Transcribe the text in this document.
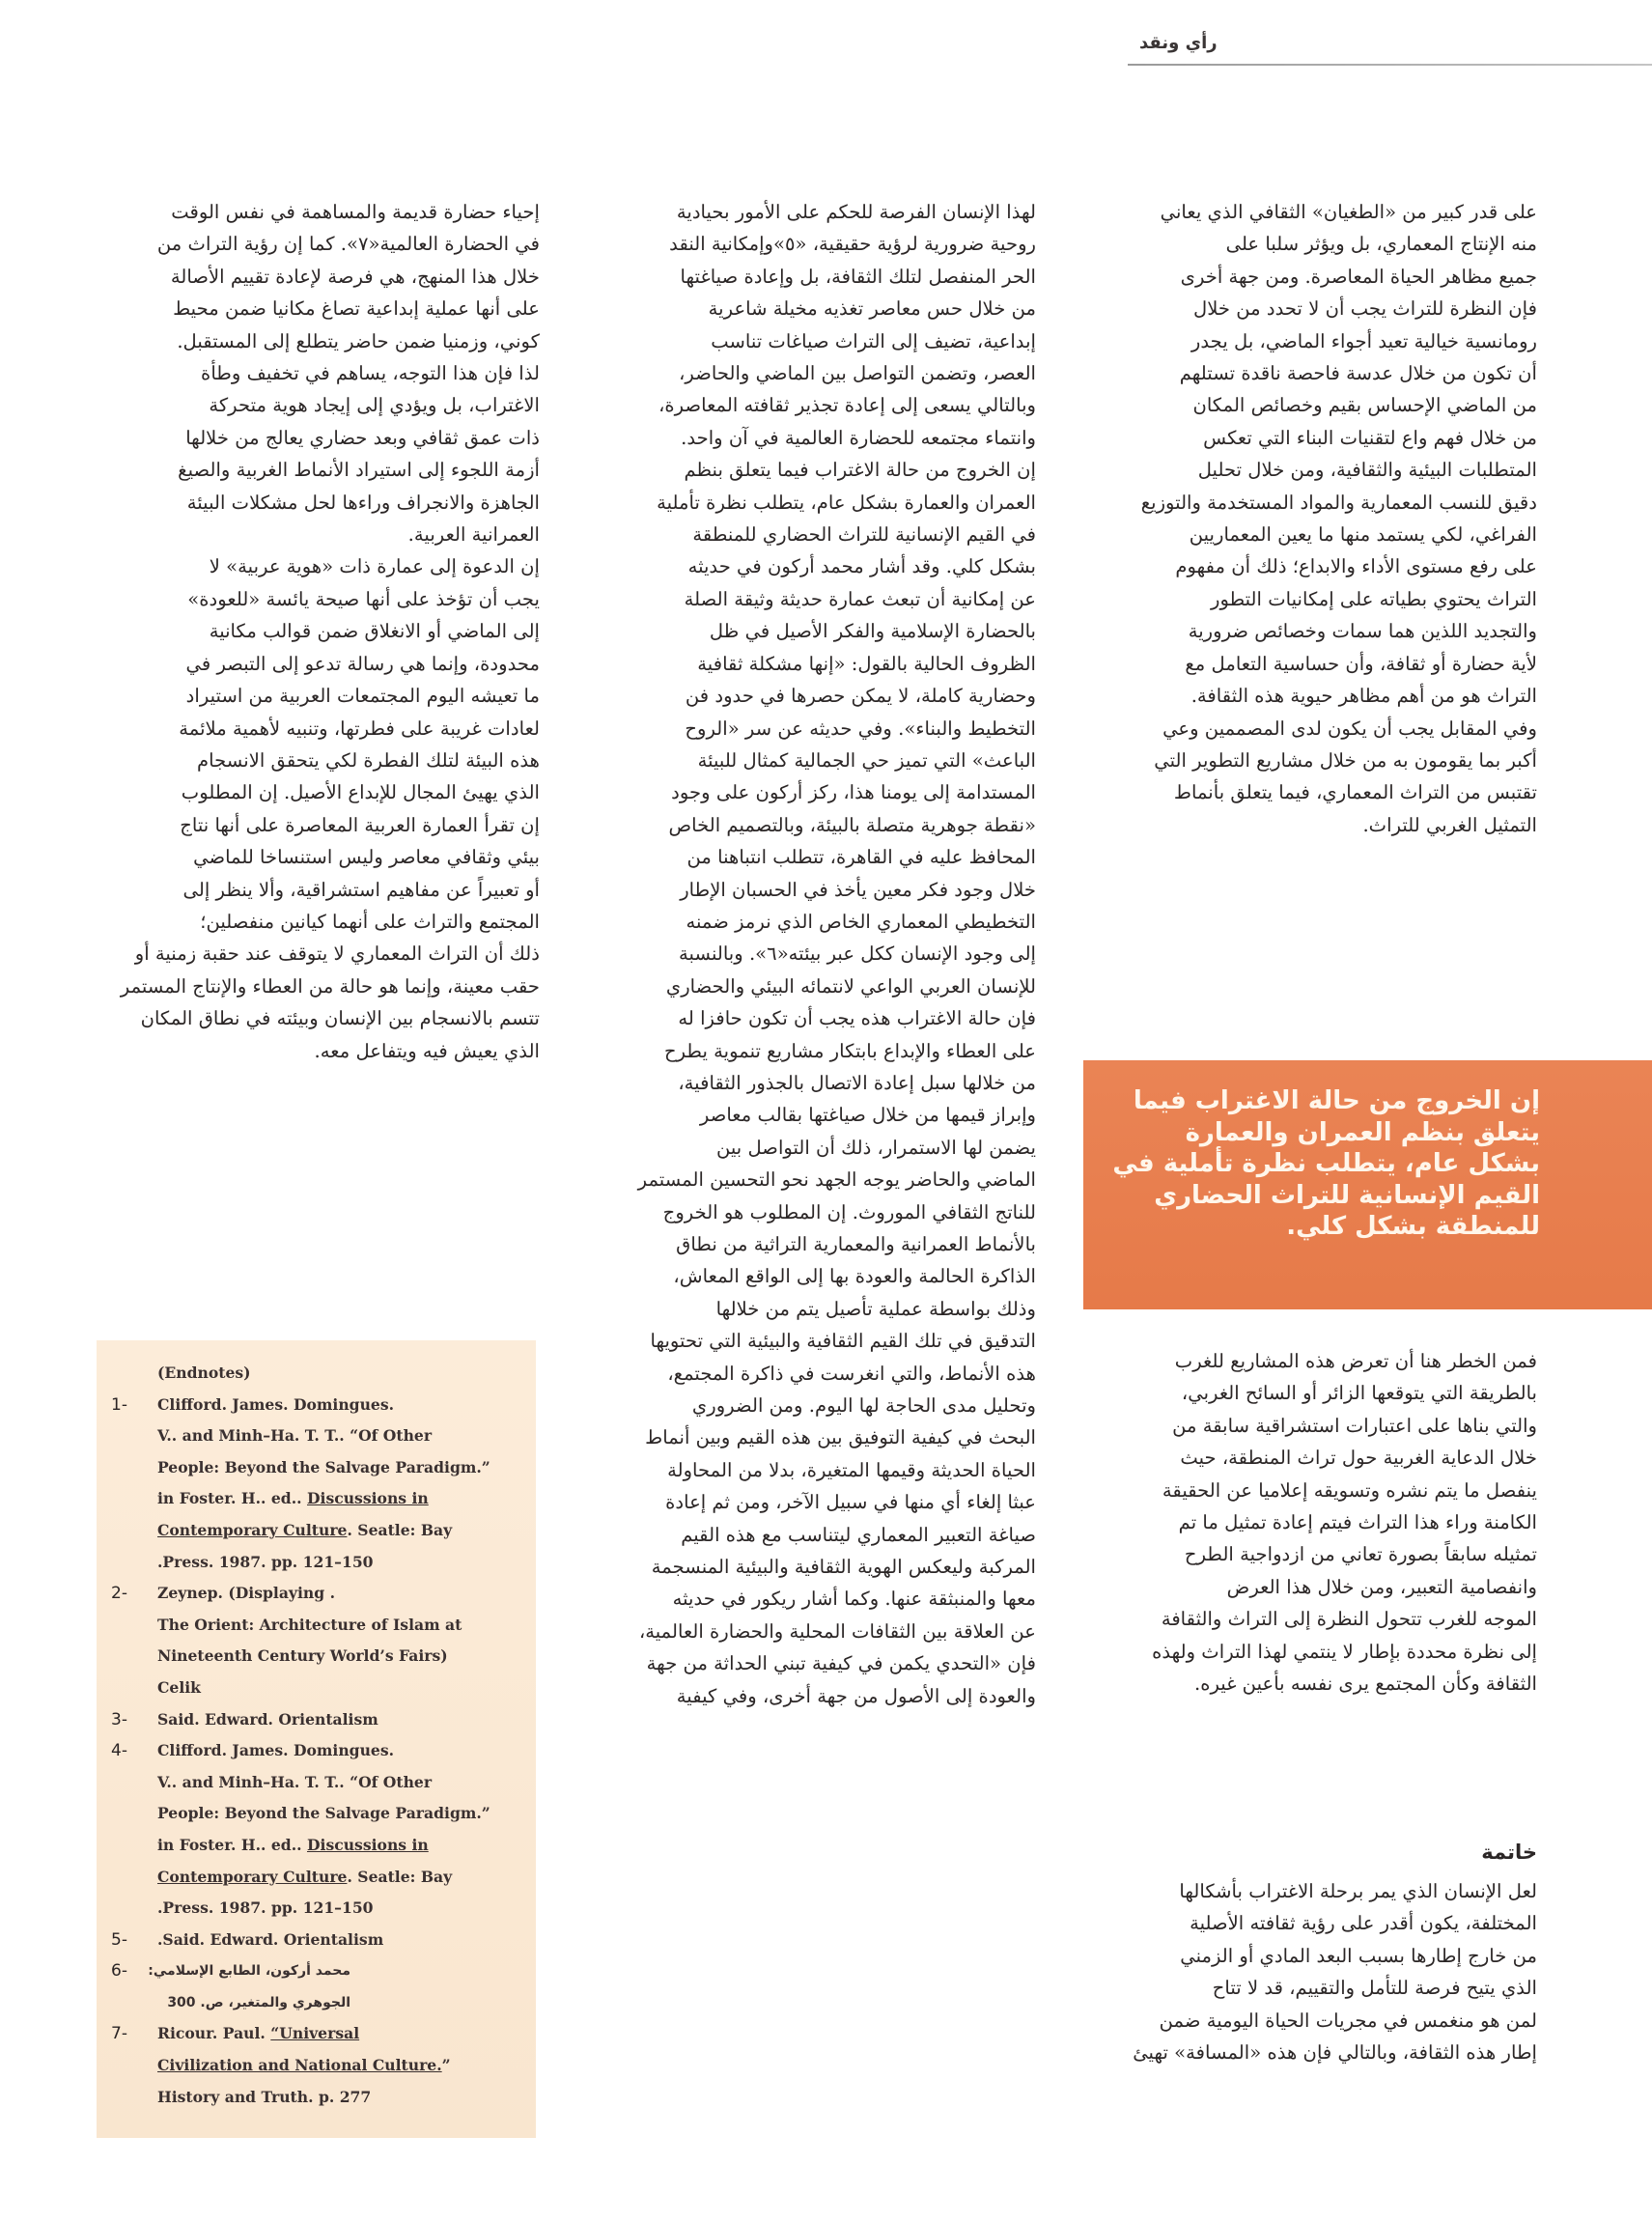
رأي ونقد

على قدر كبير من «الطغيان» الثقافي الذي يعاني

منه الإنتاج المعماري، بل ويؤثر سلبا على

جميع مظاهر الحياة المعاصرة. ومن جهة أخرى

فإن النظرة للتراث يجب أن لا تحدد من خلال

رومانسية خيالية تعيد أجواء الماضي، بل يجدر

أن تكون من خلال عدسة فاحصة ناقدة تستلهم

من الماضي الإحساس بقيم وخصائص المكان

من خلال فهم واع لتقنيات البناء التي تعكس

المتطلبات البيئية والثقافية، ومن خلال تحليل

دقيق للنسب المعمارية والمواد المستخدمة والتوزيع

الفراغي، لكي يستمد منها ما يعين المعماريين

على رفع مستوى الأداء والابداع؛ ذلك أن مفهوم

التراث يحتوي بطياته على إمكانيات التطور

والتجديد اللذين هما سمات وخصائص ضرورية

لأية حضارة أو ثقافة، وأن حساسية التعامل مع

التراث هو من أهم مظاهر حيوية هذه الثقافة.

وفي المقابل يجب أن يكون لدى المصممين وعي

أكبر بما يقومون به من خلال مشاريع التطوير التي

تقتبس من التراث المعماري، فيما يتعلق بأنماط

التمثيل الغربي للتراث.

إن الخروج من حالة الاغتراب فيما

يتعلق بنظم العمران والعمارة

بشكل عام، يتطلب نظرة تأملية في

القيم الإنسانية للتراث الحضاري

للمنطقة بشكل كلي.

فمن الخطر هنا أن تعرض هذه المشاريع للغرب

بالطريقة التي يتوقعها الزائر أو السائح الغربي،

والتي بناها على اعتبارات استشراقية سابقة من

خلال الدعاية الغربية حول تراث المنطقة، حيث

ينفصل ما يتم نشره وتسويقه إعلاميا عن الحقيقة

الكامنة وراء هذا التراث فيتم إعادة تمثيل ما تم

تمثيله سابقاً بصورة تعاني من ازدواجية الطرح

وانفصامية التعبير، ومن خلال هذا العرض

الموجه للغرب تتحول النظرة إلى التراث والثقافة

إلى نظرة محددة بإطار لا ينتمي لهذا التراث ولهذه

الثقافة وكأن المجتمع يرى نفسه بأعين غيره.

خاتمة

لعل الإنسان الذي يمر برحلة الاغتراب بأشكالها

المختلفة، يكون أقدر على رؤية ثقافته الأصلية

من خارج إطارها بسبب البعد المادي أو الزمني

الذي يتيح فرصة للتأمل والتقييم، قد لا تتاح

لمن هو منغمس في مجريات الحياة اليومية ضمن

إطار هذه الثقافة، وبالتالي فإن هذه «المسافة» تهيئ

لهذا الإنسان الفرصة للحكم على الأمور بحيادية

روحية ضرورية لرؤية حقيقية، «٥»وإمكانية النقد

الحر المنفصل لتلك الثقافة، بل وإعادة صياغتها

من خلال حس معاصر تغذيه مخيلة شاعرية

إبداعية، تضيف إلى التراث صياغات تناسب

العصر، وتضمن التواصل بين الماضي والحاضر،

وبالتالي يسعى إلى إعادة تجذير ثقافته المعاصرة،

وانتماء مجتمعه للحضارة العالمية في آن واحد.

إن الخروج من حالة الاغتراب فيما يتعلق بنظم

العمران والعمارة بشكل عام، يتطلب نظرة تأملية

في القيم الإنسانية للتراث الحضاري للمنطقة

بشكل كلي. وقد أشار محمد أركون في حديثه

عن إمكانية أن تبعث عمارة حديثة وثيقة الصلة

بالحضارة الإسلامية والفكر الأصيل في ظل

الظروف الحالية بالقول: «إنها مشكلة ثقافية

وحضارية كاملة، لا يمكن حصرها في حدود فن

التخطيط والبناء». وفي حديثه عن سر «الروح

الباعث» التي تميز حي الجمالية كمثال للبيئة

المستدامة إلى يومنا هذا، ركز أركون على وجود

«نقطة جوهرية متصلة بالبيئة، وبالتصميم الخاص

المحافظ عليه في القاهرة، تتطلب انتباهنا من

خلال وجود فكر معين يأخذ في الحسبان الإطار

التخطيطي المعماري الخاص الذي نرمز ضمنه

إلى وجود الإنسان ككل عبر بيئته«٦». وبالنسبة

للإنسان العربي الواعي لانتمائه البيئي والحضاري

فإن حالة الاغتراب هذه يجب أن تكون حافزا له

على العطاء والإبداع بابتكار مشاريع تنموية يطرح

من خلالها سبل إعادة الاتصال بالجذور الثقافية،

وإبراز قيمها من خلال صياغتها بقالب معاصر

يضمن لها الاستمرار، ذلك أن التواصل بين

الماضي والحاضر يوجه الجهد نحو التحسين المستمر

للناتج الثقافي الموروث. إن المطلوب هو الخروج

بالأنماط العمرانية والمعمارية التراثية من نطاق

الذاكرة الحالمة والعودة بها إلى الواقع المعاش،

وذلك بواسطة عملية تأصيل يتم من خلالها

التدقيق في تلك القيم الثقافية والبيئية التي تحتويها

هذه الأنماط، والتي انغرست في ذاكرة المجتمع،

وتحليل مدى الحاجة لها اليوم. ومن الضروري

البحث في كيفية التوفيق بين هذه القيم وبين أنماط

الحياة الحديثة وقيمها المتغيرة، بدلا من المحاولة

عبثا إلغاء أي منها في سبيل الآخر، ومن ثم إعادة

صياغة التعبير المعماري ليتناسب مع هذه القيم

المركبة وليعكس الهوية الثقافية والبيئية المنسجمة

معها والمنبثقة عنها. وكما أشار ريكور في حديثه

عن العلاقة بين الثقافات المحلية والحضارة العالمية،

فإن «التحدي يكمن في كيفية تبني الحداثة من جهة

والعودة إلى الأصول من جهة أخرى، وفي كيفية

إحياء حضارة قديمة والمساهمة في نفس الوقت

في الحضارة العالمية«٧». كما إن رؤية التراث من

خلال هذا المنهج، هي فرصة لإعادة تقييم الأصالة

على أنها عملية إبداعية تصاغ مكانيا ضمن محيط

كوني، وزمنيا ضمن حاضر يتطلع إلى المستقبل.

لذا فإن هذا التوجه، يساهم في تخفيف وطأة

الاغتراب، بل ويؤدي إلى إيجاد هوية متحركة

ذات عمق ثقافي وبعد حضاري يعالج من خلالها

أزمة اللجوء إلى استيراد الأنماط الغربية والصيغ

الجاهزة والانجراف وراءها لحل مشكلات البيئة

العمرانية العربية.

إن الدعوة إلى عمارة ذات «هوية عربية» لا

يجب أن تؤخذ على أنها صيحة يائسة «للعودة»

إلى الماضي أو الانغلاق ضمن قوالب مكانية

محدودة، وإنما هي رسالة تدعو إلى التبصر في

ما تعيشه اليوم المجتمعات العربية من استيراد

لعادات غريبة على فطرتها، وتنبيه لأهمية ملائمة

هذه البيئة لتلك الفطرة لكي يتحقق الانسجام

الذي يهيئ المجال للإبداع الأصيل. إن المطلوب

إن تقرأ العمارة العربية المعاصرة على أنها نتاج

بيئي وثقافي معاصر وليس استنساخا للماضي

أو تعبيراً عن مفاهيم استشراقية، وألا ينظر إلى

المجتمع والتراث على أنهما كيانين منفصلين؛

ذلك أن التراث المعماري لا يتوقف عند حقبة زمنية أو

حقب معينة، وإنما هو حالة من العطاء والإنتاج المستمر

تتسم بالانسجام بين الإنسان وبيئته في نطاق المكان

الذي يعيش فيه ويتفاعل معه.

(Endnotes)
1- Clifford. James. Domingues.
V.. and Minh–Ha. T. T.. “Of Other
People: Beyond the Salvage Paradigm.”
in Foster. H.. ed.. Discussions in
Contemporary Culture. Seatle: Bay
.Press. 1987. pp. 121–150
2- Zeynep. (Displaying .
The Orient: Architecture of Islam at
Nineteenth Century World’s Fairs)
Celik
3- Said. Edward. Orientalism
4- Clifford. James. Domingues.
V.. and Minh–Ha. T. T.. “Of Other
People: Beyond the Salvage Paradigm.”
in Foster. H.. ed.. Discussions in
Contemporary Culture. Seatle: Bay
.Press. 1987. pp. 121–150
5- .Said. Edward. Orientalism
6- محمد أركون، الطابع الإسلامي:
الجوهري والمتغير، ص. 300
7- Ricour. Paul. “Universal
Civilization and National Culture.”
History and Truth. p. 277
